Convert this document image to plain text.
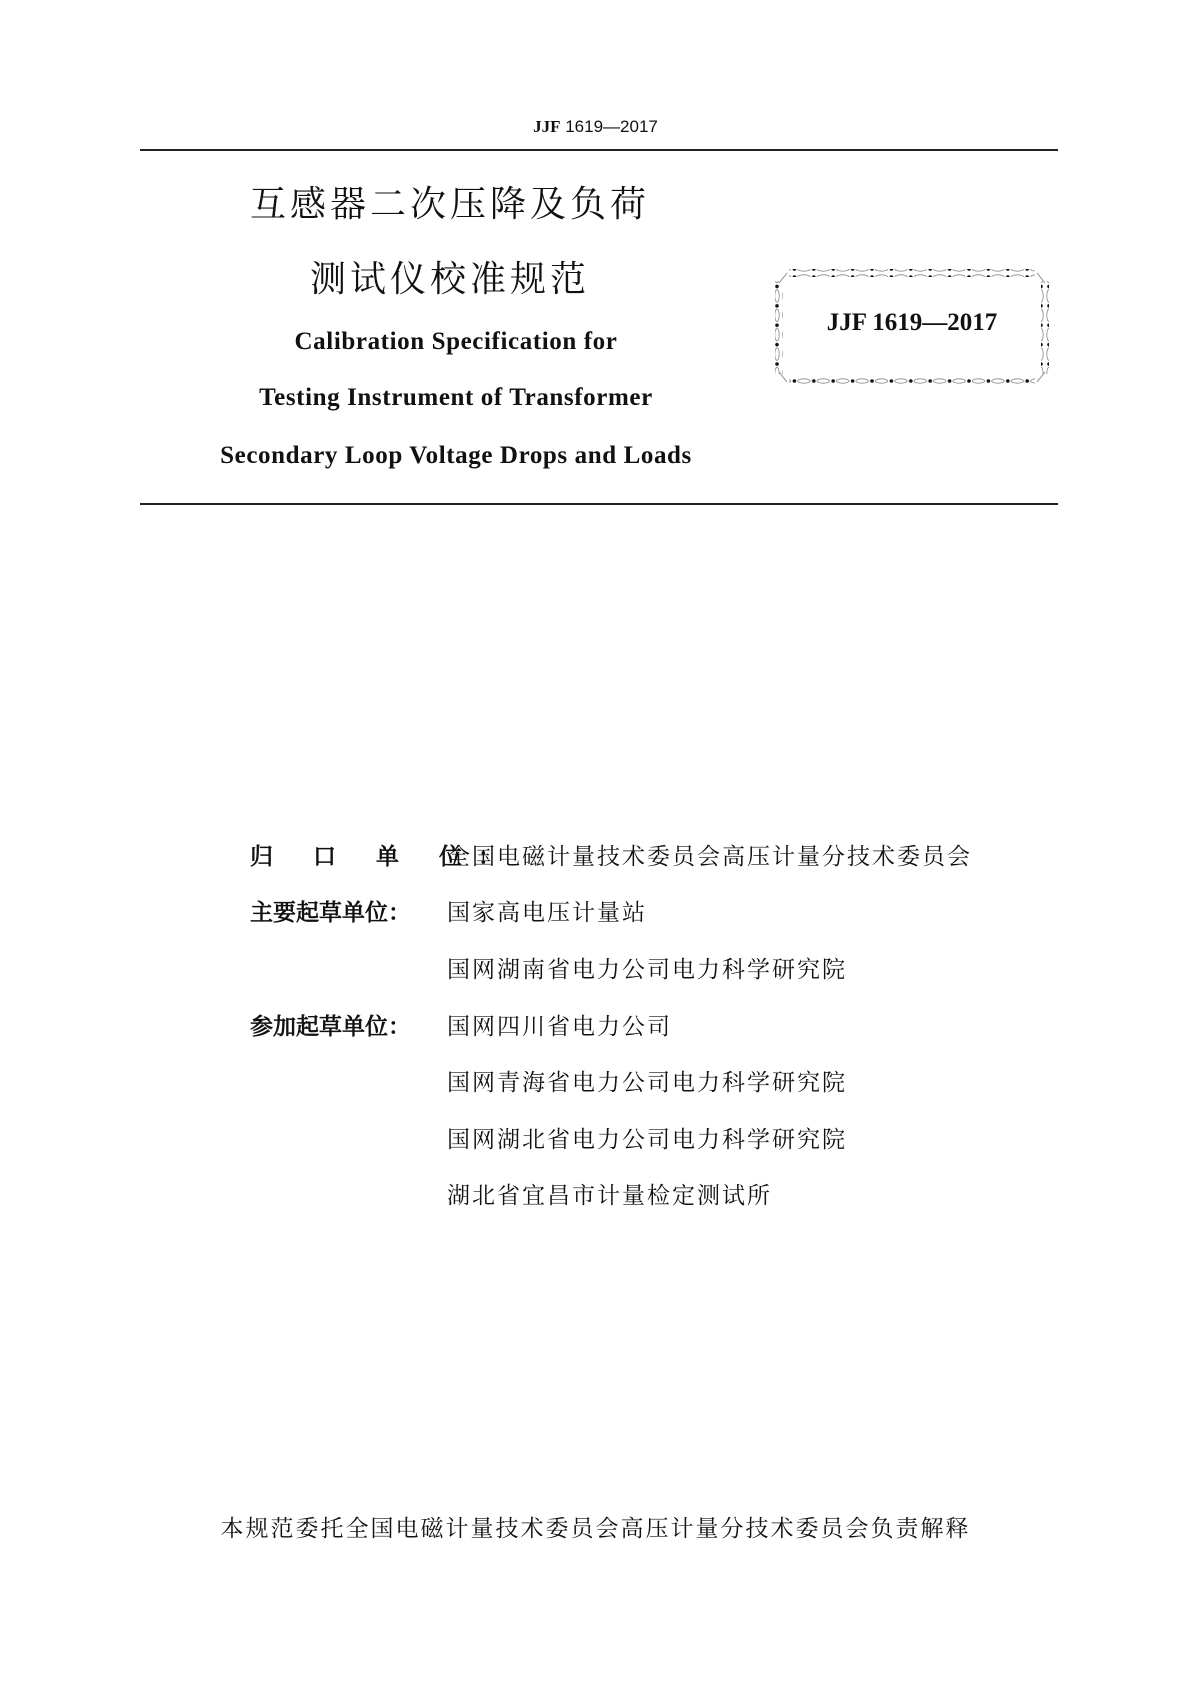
JJF 1619—2017
互感器二次压降及负荷
测试仪校准规范
Calibration Specification for
Testing Instrument of Transformer
Secondary Loop Voltage Drops and Loads
JJF 1619—2017
归 口 单 位：
全国电磁计量技术委员会高压计量分技术委员会
主要起草单位：	国家高电压计量站
国网湖南省电力公司电力科学研究院
参加起草单位：	国网四川省电力公司
国网青海省电力公司电力科学研究院
国网湖北省电力公司电力科学研究院
湖北省宜昌市计量检定测试所
本规范委托全国电磁计量技术委员会高压计量分技术委员会负责解释
